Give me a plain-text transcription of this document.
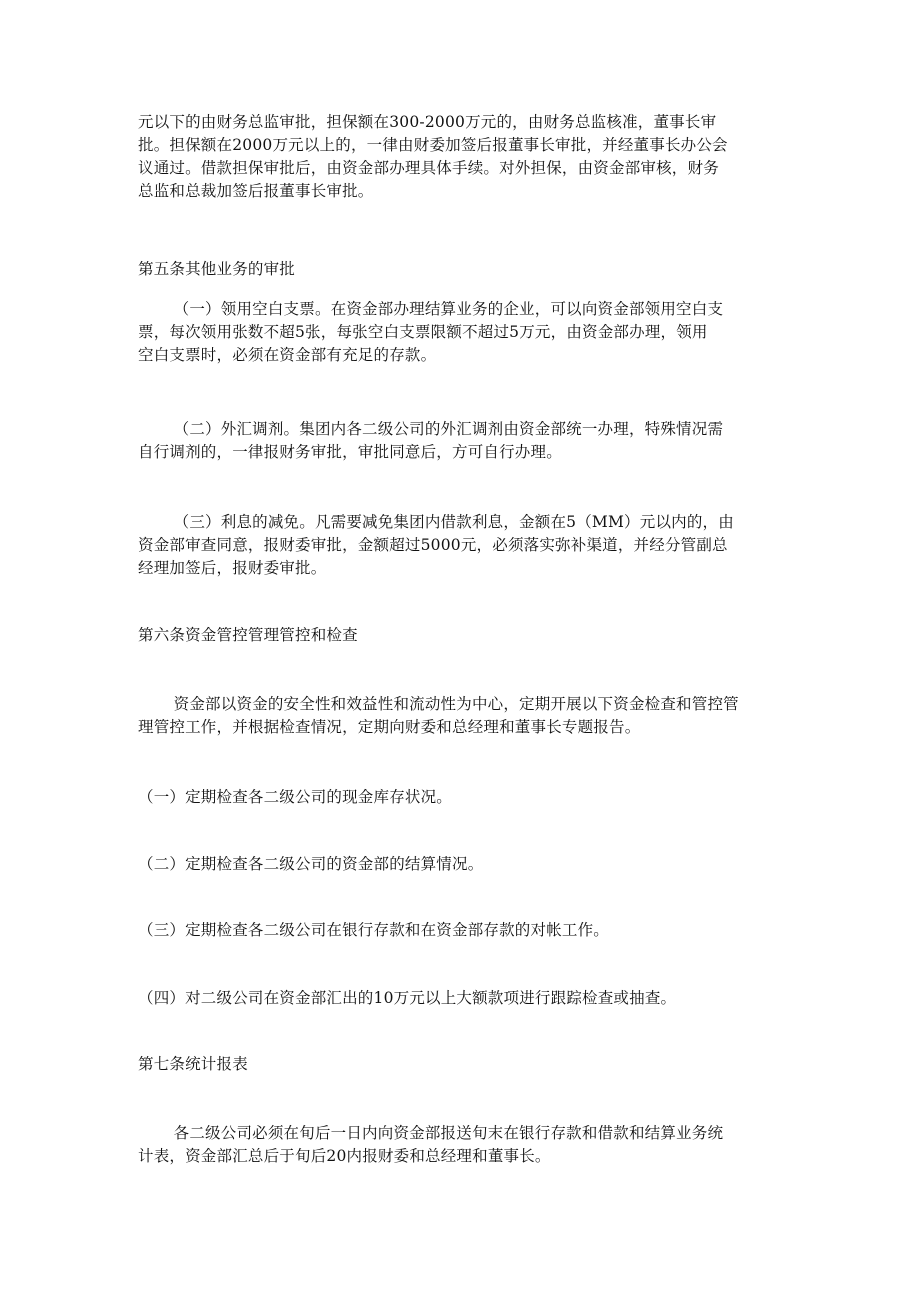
元以下的由财务总监审批，担保额在300-2000万元的，由财务总监核准，董事长审
批。担保额在2000万元以上的，一律由财委加签后报董事长审批，并经董事长办公会
议通过。借款担保审批后，由资金部办理具体手续。对外担保，由资金部审核，财务
总监和总裁加签后报董事长审批。

第五条其他业务的审批

（一）领用空白支票。在资金部办理结算业务的企业，可以向资金部领用空白支
票，每次领用张数不超5张，每张空白支票限额不超过5万元，由资金部办理，领用
空白支票时，必须在资金部有充足的存款。

（二）外汇调剂。集团内各二级公司的外汇调剂由资金部统一办理，特殊情况需
自行调剂的，一律报财务审批，审批同意后，方可自行办理。

（三）利息的减免。凡需要减免集团内借款利息，金额在5（MM）元以内的，由
资金部审查同意，报财委审批，金额超过5000元，必须落实弥补渠道，并经分管副总
经理加签后，报财委审批。

第六条资金管控管理管控和检查

资金部以资金的安全性和效益性和流动性为中心，定期开展以下资金检查和管控管
理管控工作，并根据检查情况，定期向财委和总经理和董事长专题报告。

（一）定期检查各二级公司的现金库存状况。

（二）定期检查各二级公司的资金部的结算情况。

（三）定期检查各二级公司在银行存款和在资金部存款的对帐工作。

（四）对二级公司在资金部汇出的10万元以上大额款项进行跟踪检查或抽查。

第七条统计报表

各二级公司必须在旬后一日内向资金部报送旬末在银行存款和借款和结算业务统
计表，资金部汇总后于旬后20内报财委和总经理和董事长。
